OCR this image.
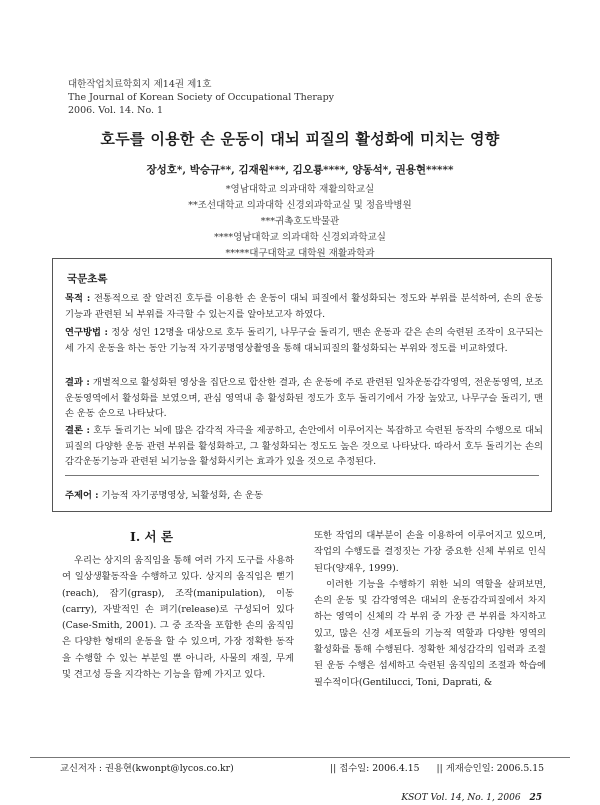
대한작업치료학회지 제14권 제1호
The Journal of Korean Society of Occupational Therapy
2006. Vol. 14. No. 1
호두를 이용한 손 운동이 대뇌 피질의 활성화에 미치는 영향
장성호*, 박승규**, 김재원***, 김오룡****, 양동석*, 권용현*****
*영남대학교 의과대학 재활의학교실
**조선대학교 의과대학 신경외과학교실 및 정읍박병원
***귀촉호도박물관
****영남대학교 의과대학 신경외과학교실
*****대구대학교 대학원 재활과학과
국문초록
목적 : 전통적으로 잘 알려진 호두를 이용한 손 운동이 대뇌 피질에서 활성화되는 정도와 부위를 분석하여, 손의 운동 기능과 관련된 뇌 부위를 자극할 수 있는지를 알아보고자 하였다.
연구방법 : 정상 성인 12명을 대상으로 호두 돌리기, 나무구슬 돌리기, 맨손 운동과 같은 손의 숙련된 조작이 요구되는 세 가지 운동을 하는 동안 기능적 자기공명영상촬영을 통해 대뇌피질의 활성화되는 부위와 정도를 비교하였다.
결과 : 개별적으로 활성화된 영상을 집단으로 합산한 결과, 손 운동에 주로 관련된 일차운동감각영역, 전운동영역, 보조운동영역에서 활성화를 보였으며, 관심 영역내 총 활성화된 정도가 호두 돌리기에서 가장 높았고, 나무구슬 돌리기, 맨손 운동 순으로 나타났다.
결론 : 호두 돌리기는 뇌에 많은 감각적 자극을 제공하고, 손안에서 이루어지는 복잡하고 숙련된 동작의 수행으로 대뇌 피질의 다양한 운동 관련 부위를 활성화하고, 그 활성화되는 정도도 높은 것으로 나타났다. 따라서 호두 돌리기는 손의 감각운동기능과 관련된 뇌기능을 활성화시키는 효과가 있을 것으로 추정된다.
주제어 : 기능적 자기공명영상, 뇌활성화, 손 운동
Ⅰ. 서 론

우리는 상지의 움직임을 통해 여러 가지 도구를 사용하여 일상생활동작을 수행하고 있다. 상지의 움직임은 뻗기(reach), 잡기(grasp), 조작(manipulation), 이동(carry), 자발적인 손 펴기(release)로 구성되어 있다(Case-Smith, 2001). 그 중 조작을 포함한 손의 움직임은 다양한 형태의 운동을 할 수 있으며, 가장 정확한 동작을 수행할 수 있는 부분일 뿐 아니라, 사물의 재질, 무게 및 견고성 등을 지각하는 기능을 함께 가지고 있다.

또한 작업의 대부분이 손을 이용하여 이루어지고 있으며, 작업의 수행도를 결정짓는 가장 중요한 신체 부위로 인식된다(양재우, 1999).

이러한 기능을 수행하기 위한 뇌의 역할을 살펴보면, 손의 운동 및 감각영역은 대뇌의 운동감각피질에서 차지하는 영역이 신체의 각 부위 중 가장 큰 부위를 차지하고 있고, 많은 신경 세포들의 기능적 역할과 다양한 영역의 활성화를 통해 수행된다. 정확한 체성감각의 입력과 조절된 운동 수행은 섬세하고 숙련된 움직임의 조절과 학습에 필수적이다(Gentilucci, Toni, Daprati, &

교신저자 : 권용현(kwonpt@lycos.co.kr)	|| 접수일: 2006.4.15 || 게재승인일: 2006.5.15
KSOT Vol. 14, No. 1, 2006 25
